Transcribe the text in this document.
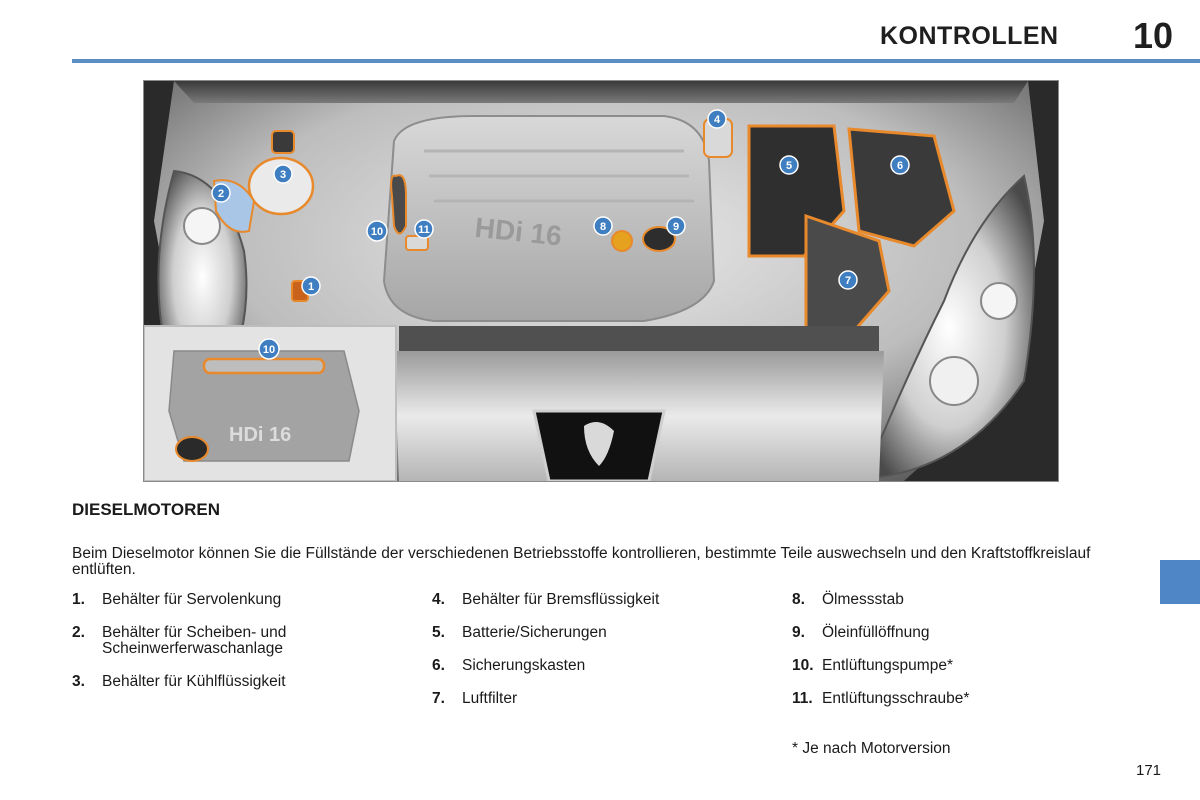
KONTROLLEN 10
HDi 16
HDi 16
1
2
3
4
5	6
7
8	9
10	11
10
DIESELMOTOREN
Beim Dieselmotor können Sie die Füllstände der verschiedenen Betriebsstoffe kontrollieren, bestimmte Teile auswechseln und den Kraftstoffkreislauf entlüften.
1. Behälter für Servolenkung
2. Behälter für Scheiben- und Scheinwerferwaschanlage
3. Behälter für Kühlflüssigkeit
4. Behälter für Bremsflüssigkeit
5. Batterie/Sicherungen
6. Sicherungskasten
7. Luftfilter
8. Ölmessstab
9. Öleinfüllöffnung
10. Entlüftungspumpe*
11. Entlüftungsschraube*
* Je nach Motorversion
171
